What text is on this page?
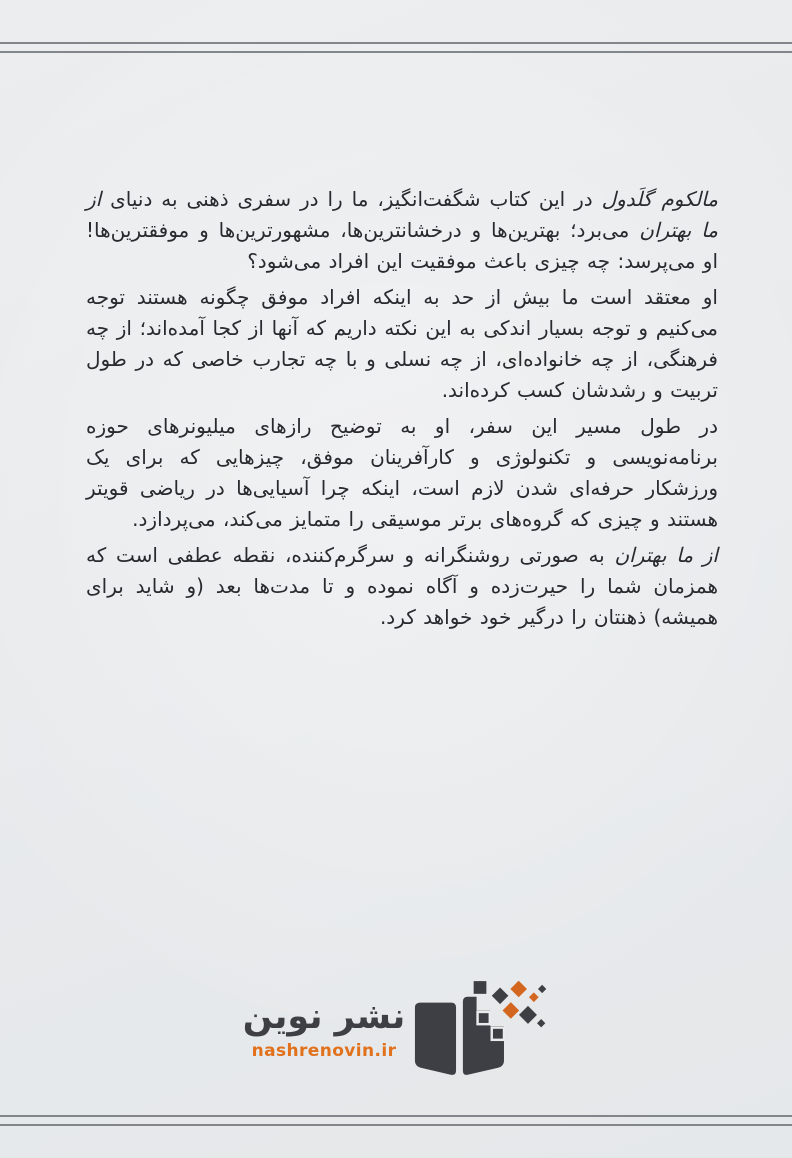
مالکوم گلَدول در این کتاب شگفت‌انگیز، ما را در سفری ذهنی به دنیای از ما بهتران می‌برد؛ بهترین‌ها و درخشانترین‌ها، مشهورترین‌ها و موفقترین‌ها! او می‌پرسد: چه چیزی باعث موفقیت این افراد می‌شود؟

او معتقد است ما بیش از حد به اینکه افراد موفق چگونه هستند توجه می‌کنیم و توجه بسیار اندکی به این نکته داریم که آنها از کجا آمده‌اند؛ از چه فرهنگی، از چه خانواده‌ای، از چه نسلی و با چه تجارب خاصی که در طول تربیت و رشدشان کسب کرده‌اند.

در طول مسیر این سفر، او به توضیح رازهای میلیونرهای حوزه برنامه‌نویسی و تکنولوژی و کارآفرینان موفق، چیزهایی که برای یک ورزشکار حرفه‌ای شدن لازم است، اینکه چرا آسیایی‌ها در ریاضی قویتر هستند و چیزی که گروه‌های برتر موسیقی را متمایز می‌کند، می‌پردازد.

از ما بهتران به صورتی روشنگرانه و سرگرم‌کننده، نقطه عطفی است که همزمان شما را حیرت‌زده و آگاه نموده و تا مدت‌ها بعد (و شاید برای همیشه) ذهنتان را درگیر خود خواهد کرد.

نشر نوین
nashrenovin.ir
